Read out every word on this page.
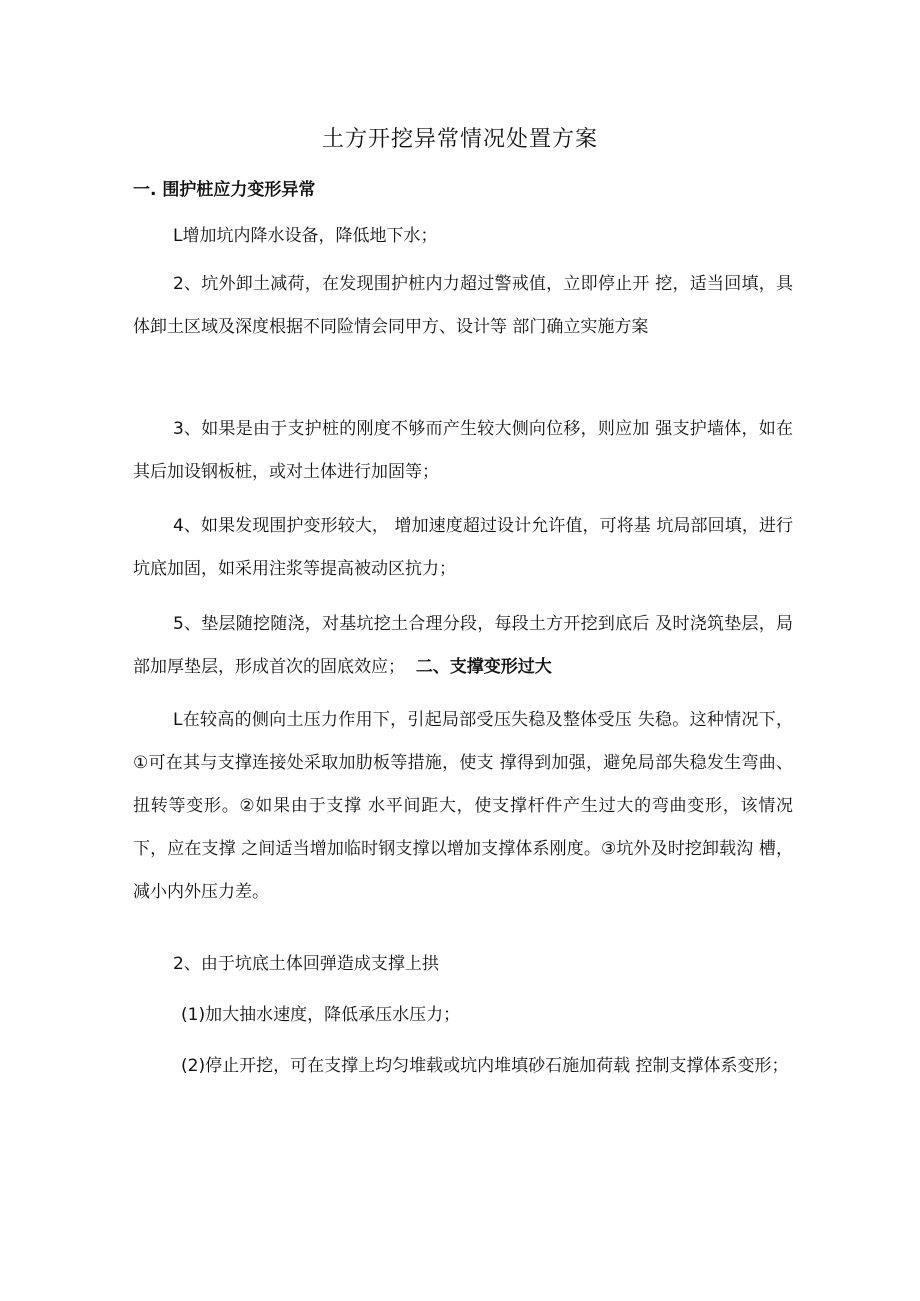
土方开挖异常情况处置方案
一. 围护桩应力变形异常

L增加坑内降水设备，降低地下水；

2、坑外卸土减荷，在发现围护桩内力超过警戒值，立即停止开 挖，适当回填，具体卸土区域及深度根据不同险情会同甲方、设计等 部门确立实施方案

3、如果是由于支护桩的刚度不够而产生较大侧向位移，则应加 强支护墙体，如在其后加设钢板桩，或对土体进行加固等；

4、如果发现围护变形较大， 增加速度超过设计允许值，可将基 坑局部回填，进行坑底加固，如采用注浆等提高被动区抗力；

5、垫层随挖随浇，对基坑挖土合理分段，每段土方开挖到底后 及时浇筑垫层，局部加厚垫层，形成首次的固底效应； 二、支撑变形过大

L在较高的侧向土压力作用下，引起局部受压失稳及整体受压 失稳。这种情况下，①可在其与支撑连接处采取加肋板等措施，使支 撑得到加强，避免局部失稳发生弯曲、扭转等变形。②如果由于支撑 水平间距大，使支撑杆件产生过大的弯曲变形，该情况下，应在支撑 之间适当增加临时钢支撑以增加支撑体系刚度。③坑外及时挖卸载沟 槽，减小内外压力差。

2、由于坑底土体回弹造成支撑上拱

(1)加大抽水速度，降低承压水压力；

(2)停止开挖，可在支撑上均匀堆载或坑内堆填砂石施加荷载 控制支撑体系变形；
